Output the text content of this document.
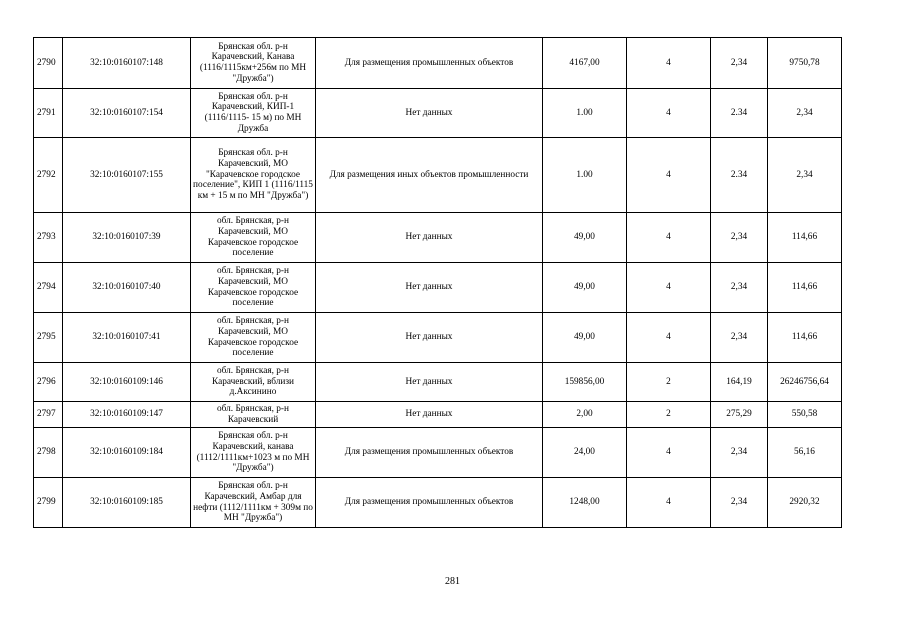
2790	32:10:0160107:148	Брянская обл. р-н Карачевский, Канава (1116/1115км+256м по МН "Дружба")	Для размещения промышленных объектов	4167,00	4	2,34	9750,78
2791	32:10:0160107:154	Брянская обл. р-н Карачевский, КИП-1 (1116/1115- 15 м) по МН Дружба	Нет данных	1.00	4	2.34	2,34
2792	32:10:0160107:155	Брянская обл. р-н Карачевский, МО "Карачевское городское поселение", КИП 1 (1116/1115 км + 15 м по МН "Дружба")	Для размещения иных объектов промышленности	1.00	4	2.34	2,34
2793	32:10:0160107:39	обл. Брянская, р-н Карачевский, МО Карачевское городское поселение	Нет данных	49,00	4	2,34	114,66
2794	32:10:0160107:40	обл. Брянская, р-н Карачевский, МО Карачевское городское поселение	Нет данных	49,00	4	2,34	114,66
2795	32:10:0160107:41	обл. Брянская, р-н Карачевский, МО Карачевское городское поселение	Нет данных	49,00	4	2,34	114,66
2796	32:10:0160109:146	обл. Брянская, р-н Карачевский, вблизи д.Аксинино	Нет данных	159856,00	2	164,19	26246756,64
2797	32:10:0160109:147	обл. Брянская, р-н Карачевский	Нет данных	2,00	2	275,29	550,58
2798	32:10:0160109:184	Брянская обл. р-н Карачевский, канава (1112/1111км+1023 м по МН "Дружба")	Для размещения промышленных объектов	24,00	4	2,34	56,16
2799	32:10:0160109:185	Брянская обл. р-н Карачевский, Амбар для нефти (1112/1111км + 309м по МН "Дружба")	Для размещения промышленных объектов	1248,00	4	2,34	2920,32
281
